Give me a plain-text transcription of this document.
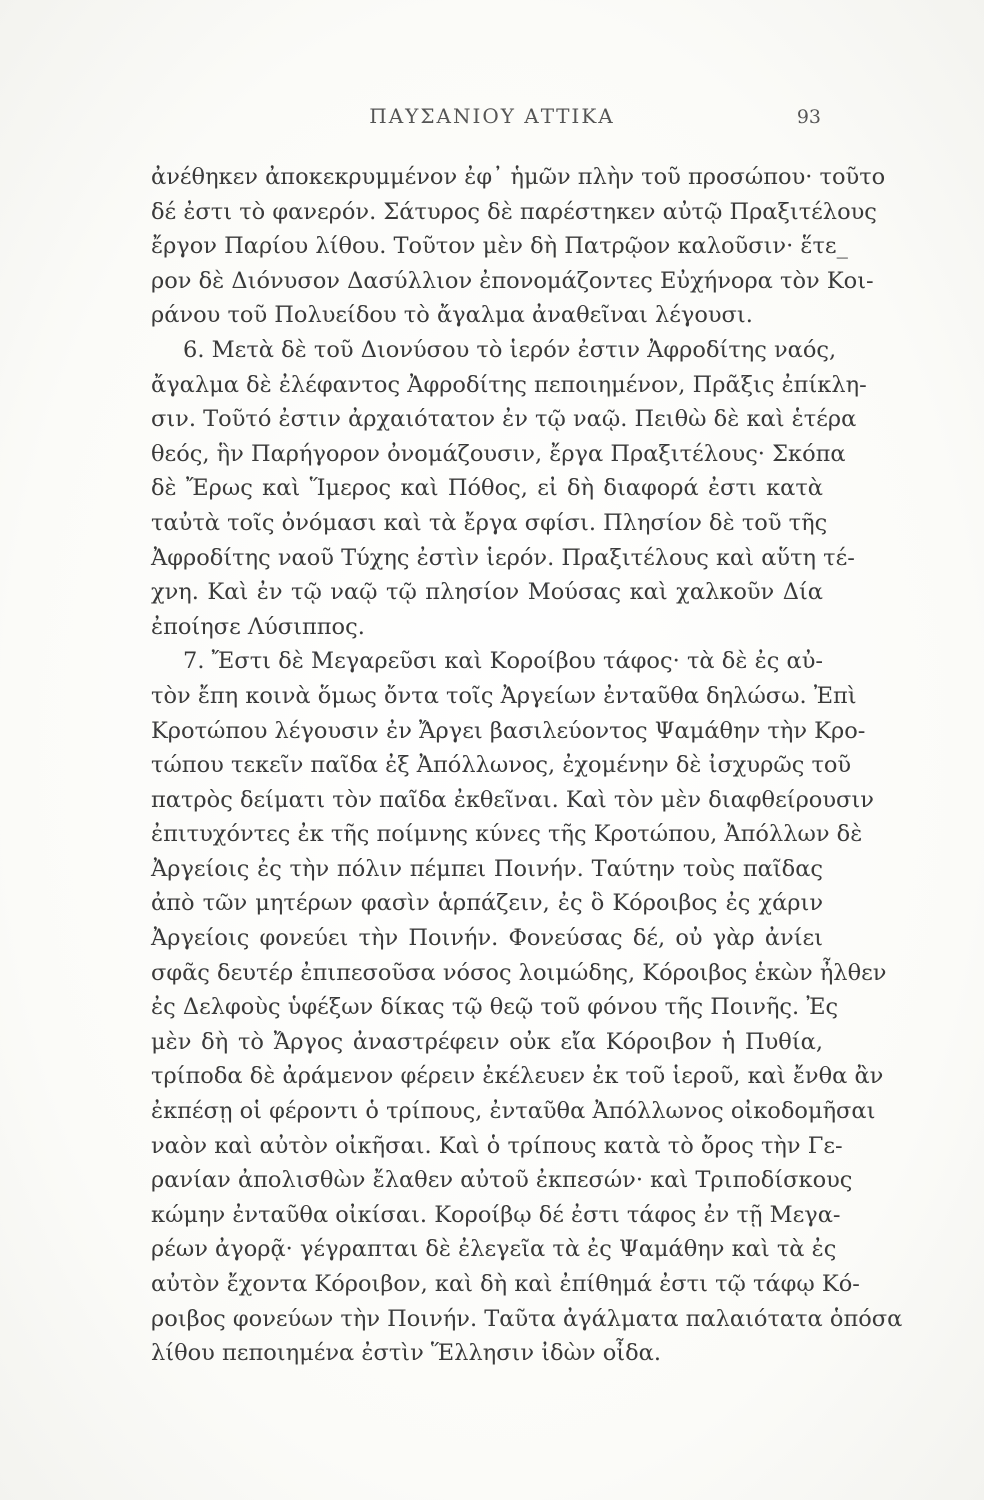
ΠΑΥΣΑΝΙΟΥ ΑΤΤΙΚΑ	93
ἀνέθηκεν ἀποκεκρυμμένον ἐφ᾽ ἡμῶν πλὴν τοῦ προσώπου· τοῦτο
δέ ἐστι τὸ φανερόν. Σάτυρος δὲ παρέστηκεν αὐτῷ Πραξιτέλους
ἔργον Παρίου λίθου. Τοῦτον μὲν δὴ Πατρῷον καλοῦσιν· ἕτε_
ρον δὲ Διόνυσον Δασύλλιον ἐπονομάζοντες Εὐχήνορα τὸν Κοι-
ράνου τοῦ Πολυείδου τὸ ἄγαλμα ἀναθεῖναι λέγουσι.
6. Μετὰ δὲ τοῦ Διονύσου τὸ ἱερόν ἐστιν Ἀφροδίτης ναός,
ἄγαλμα δὲ ἐλέφαντος Ἀφροδίτης πεποιημένον, Πρᾶξις ἐπίκλη-
σιν. Τοῦτό ἐστιν ἀρχαιότατον ἐν τῷ ναῷ. Πειθὼ δὲ καὶ ἑτέρα
θεός, ἣν Παρήγορον ὀνομάζουσιν, ἔργα Πραξιτέλους· Σκόπα
δὲ Ἔρως καὶ Ἵμερος καὶ Πόθος, εἰ δὴ διαφορά ἐστι κατὰ
ταὐτὰ τοῖς ὀνόμασι καὶ τὰ ἔργα σφίσι. Πλησίον δὲ τοῦ τῆς
Ἀφροδίτης ναοῦ Τύχης ἐστὶν ἱερόν. Πραξιτέλους καὶ αὕτη τέ-
χνη. Καὶ ἐν τῷ ναῷ τῷ πλησίον Μούσας καὶ χαλκοῦν Δία
ἐποίησε Λύσιππος.
7. Ἔστι δὲ Μεγαρεῦσι καὶ Κοροίβου τάφος· τὰ δὲ ἐς αὐ-
τὸν ἔπη κοινὰ ὅμως ὄντα τοῖς Ἀργείων ἐνταῦθα δηλώσω. Ἐπὶ
Κροτώπου λέγουσιν ἐν Ἄργει βασιλεύοντος Ψαμάθην τὴν Κρο-
τώπου τεκεῖν παῖδα ἐξ Ἀπόλλωνος, ἐχομένην δὲ ἰσχυρῶς τοῦ
πατρὸς δείματι τὸν παῖδα ἐκθεῖναι. Καὶ τὸν μὲν διαφθείρουσιν
ἐπιτυχόντες ἐκ τῆς ποίμνης κύνες τῆς Κροτώπου, Ἀπόλλων δὲ
Ἀργείοις ἐς τὴν πόλιν πέμπει Ποινήν. Ταύτην τοὺς παῖδας
ἀπὸ τῶν μητέρων φασὶν ἁρπάζειν, ἐς ὃ Κόροιβος ἐς χάριν
Ἀργείοις φονεύει τὴν Ποινήν. Φονεύσας δέ, οὐ γὰρ ἀνίει
σφᾶς δευτέρ ἐπιπεσοῦσα νόσος λοιμώδης, Κόροιβος ἑκὼν ἦλθεν
ἐς Δελφοὺς ὑφέξων δίκας τῷ θεῷ τοῦ φόνου τῆς Ποινῆς. Ἐς
μὲν δὴ τὸ Ἄργος ἀναστρέφειν οὐκ εἴα Κόροιβον ἡ Πυθία,
τρίποδα δὲ ἀράμενον φέρειν ἐκέλευεν ἐκ τοῦ ἱεροῦ, καὶ ἔνθα ἂν
ἐκπέσῃ οἱ φέροντι ὁ τρίπους, ἐνταῦθα Ἀπόλλωνος οἰκοδομῆσαι
ναὸν καὶ αὐτὸν οἰκῆσαι. Καὶ ὁ τρίπους κατὰ τὸ ὄρος τὴν Γε-
ρανίαν ἀπολισθὼν ἔλαθεν αὐτοῦ ἐκπεσών· καὶ Τριποδίσκους
κώμην ἐνταῦθα οἰκίσαι. Κοροίβῳ δέ ἐστι τάφος ἐν τῇ Μεγα-
ρέων ἀγορᾷ· γέγραπται δὲ ἐλεγεῖα τὰ ἐς Ψαμάθην καὶ τὰ ἐς
αὐτὸν ἔχοντα Κόροιβον, καὶ δὴ καὶ ἐπίθημά ἐστι τῷ τάφῳ Κό-
ροιβος φονεύων τὴν Ποινήν. Ταῦτα ἀγάλματα παλαιότατα ὁπόσα
λίθου πεποιημένα ἐστὶν Ἕλλησιν ἰδὼν οἶδα.
